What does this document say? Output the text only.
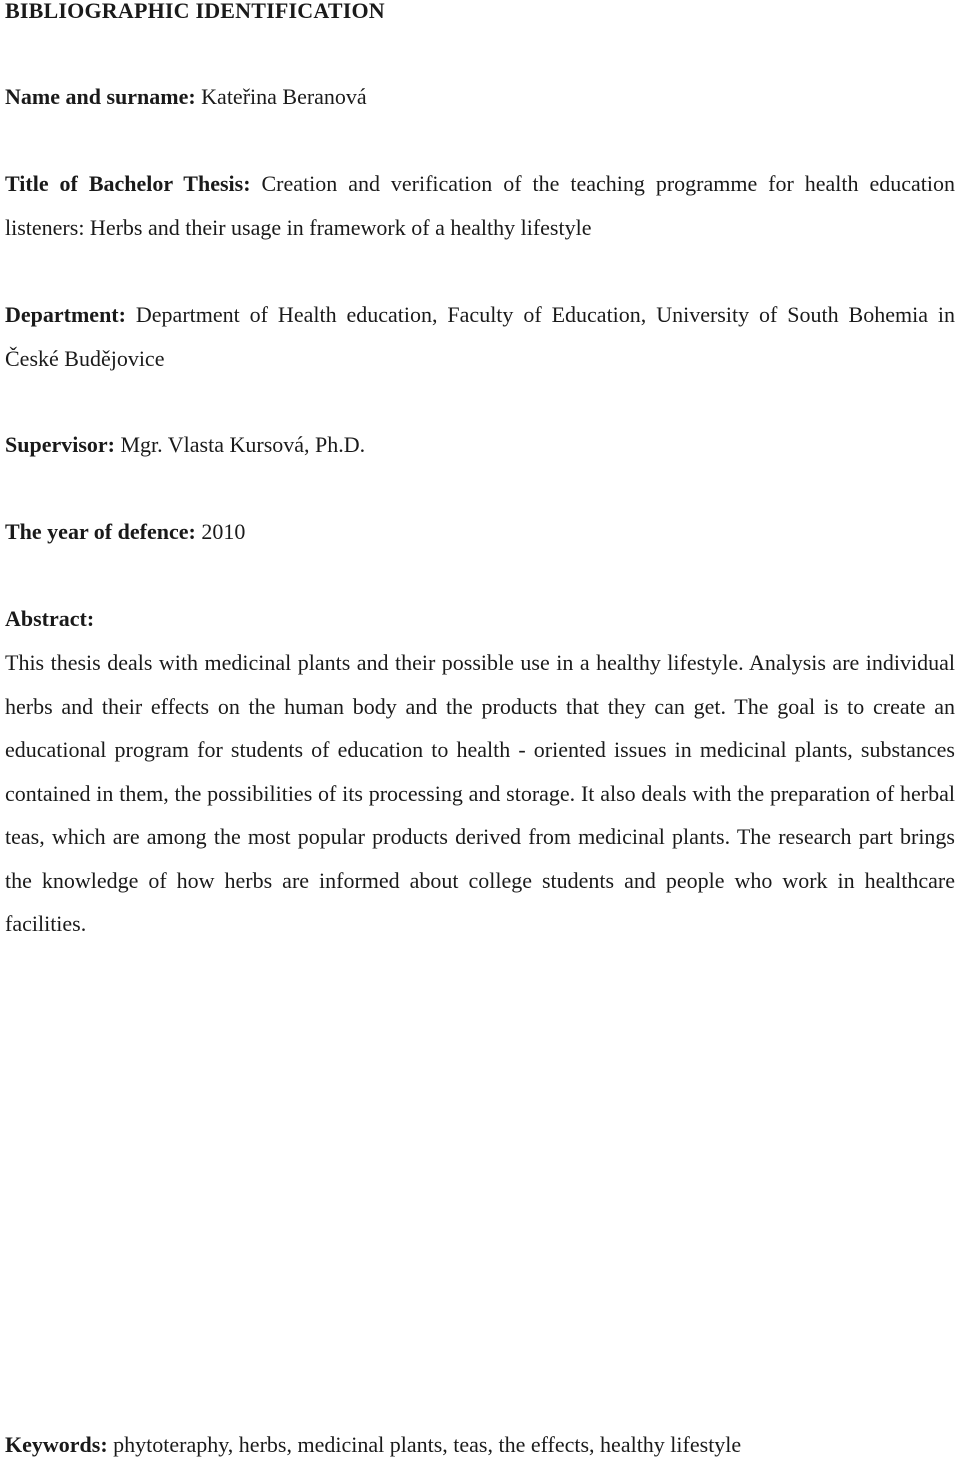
BIBLIOGRAPHIC IDENTIFICATION
Name and surname: Kateřina Beranová
Title of Bachelor Thesis: Creation and verification of the teaching programme for health education listeners: Herbs and their usage in framework of a healthy lifestyle
Department: Department of Health education, Faculty of Education, University of South Bohemia in České Budějovice
Supervisor: Mgr. Vlasta Kursová, Ph.D.
The year of defence: 2010
Abstract:
This thesis deals with medicinal plants and their possible use in a healthy lifestyle. Analysis are individual herbs and their effects on the human body and the products that they can get. The goal is to create an educational program for students of education to health - oriented issues in medicinal plants, substances contained in them, the possibilities of its processing and storage. It also deals with the preparation of herbal teas, which are among the most popular products derived from medicinal plants. The research part brings the knowledge of how herbs are informed about college students and people who work in healthcare facilities.
Keywords: phytoteraphy, herbs, medicinal plants, teas, the effects, healthy lifestyle
